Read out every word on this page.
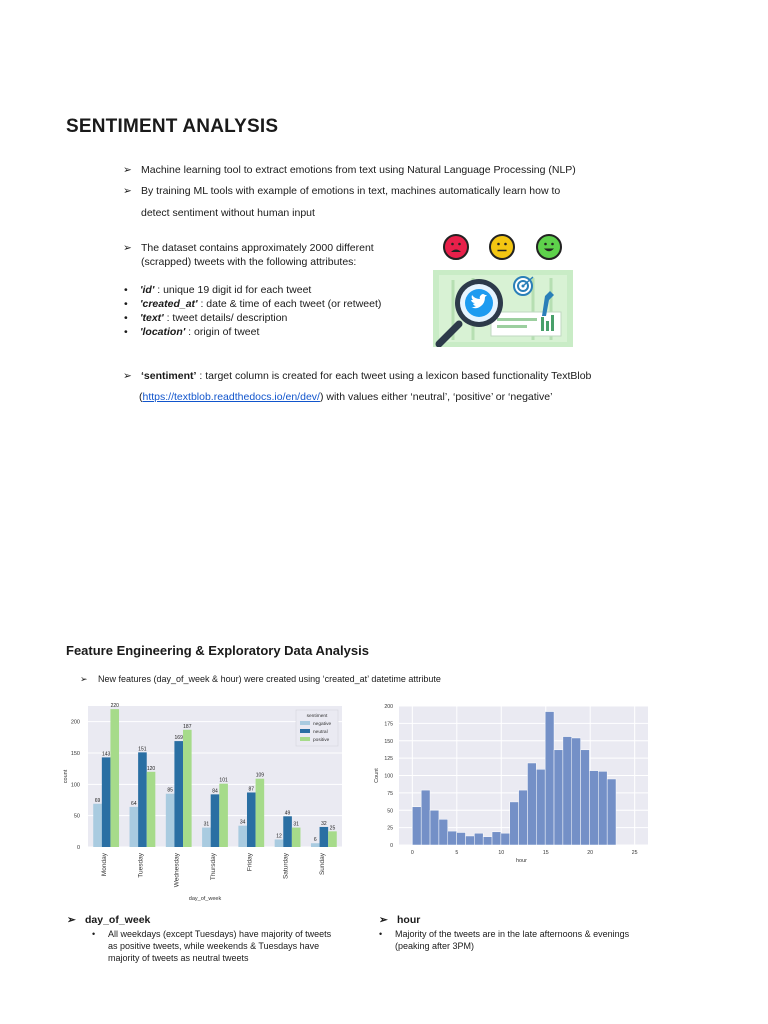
SENTIMENT ANALYSIS
➢ Machine learning tool to extract emotions from text using Natural Language Processing (NLP)
➢ By training ML tools with example of emotions in text, machines automatically learn how to
detect sentiment without human input
➢ The dataset contains approximately 2000 different
(scrapped) tweets with the following attributes:
• 'id' : unique 19 digit id for each tweet
• 'created_at' : date & time of each tweet (or retweet)
• 'text' : tweet details/ description
• 'location' : origin of tweet
➢ ‘sentiment’ : target column is created for each tweet using a lexicon based functionality TextBlob
(https://textblob.readthedocs.io/en/dev/) with values either ‘neutral’, ‘positive’ or ‘negative’
Feature Engineering & Exploratory Data Analysis
➢ New features (day_of_week & hour) were created using ‘created_at’ datetime attribute
0
50
100
150
200
count
69
143
220
Monday
64
151
120
Tuesday
85
169
187
Wednesday
31
84
101
Thursday
34
87
109
Friday
12
49
31
Saturday
6
32
25
Sunday
day_of_week
sentiment
negative
neutral
positive
0
25
50
75
100
125
150
175
200
0	5	10	15	20	25
hour
Count
➢ day_of_week
• All weekdays (except Tuesdays) have majority of tweets
as positive tweets, while weekends & Tuesdays have
majority of tweets as neutral tweets
➢ hour
• Majority of the tweets are in the late afternoons & evenings
(peaking after 3PM)
